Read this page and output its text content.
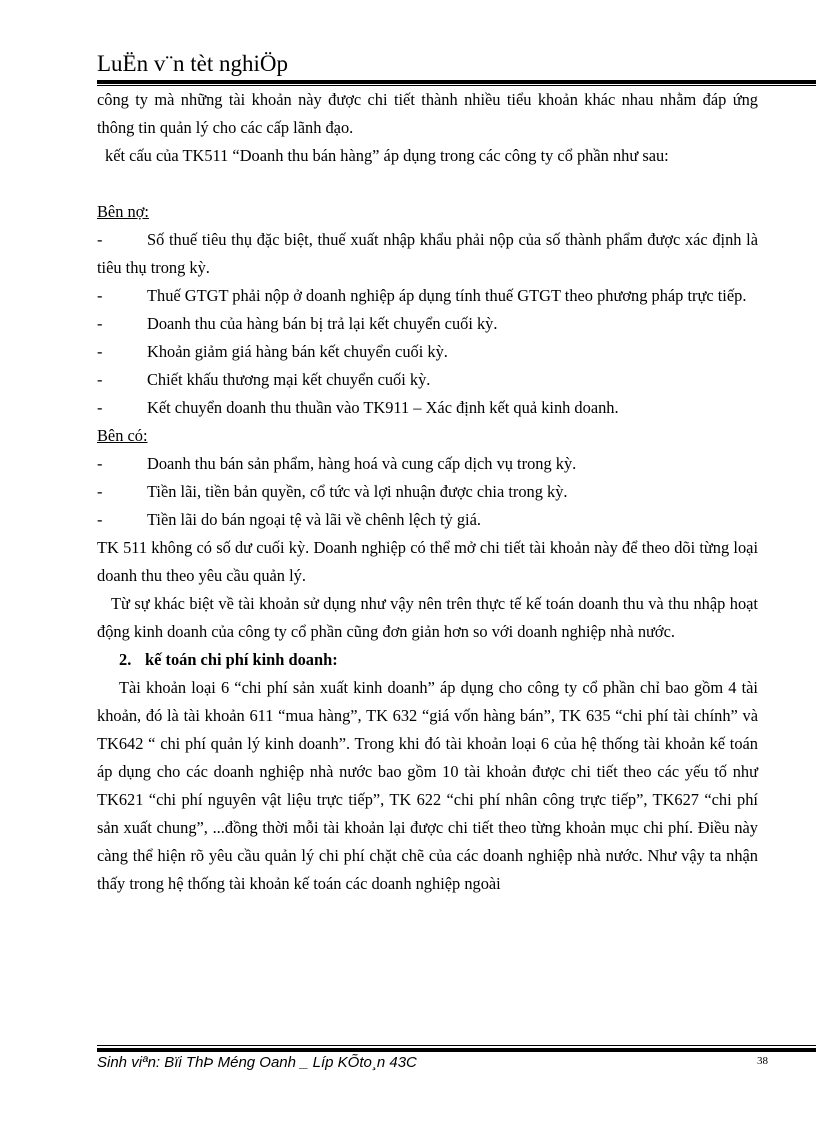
LuËn v¨n tèt nghiÖp

công ty mà những tài khoản này được chi tiết thành nhiều tiểu khoản khác nhau nhằm đáp ứng thông tin quản lý cho các cấp lãnh đạo.

kết cấu của TK511 “Doanh thu bán hàng” áp dụng trong các công ty cổ phần như sau:

Bên nợ:

-	Số thuế tiêu thụ đặc biệt, thuế xuất nhập khẩu phải nộp của số thành phẩm được xác định là tiêu thụ trong kỳ.

-	Thuế GTGT phải nộp ở doanh nghiệp áp dụng tính thuế GTGT theo phương pháp trực tiếp.

-	Doanh thu của hàng bán bị trả lại kết chuyển cuối kỳ.

-	Khoản giảm giá hàng bán kết chuyển cuối kỳ.

-	Chiết khấu thương mại kết chuyển cuối kỳ.

-	Kết chuyển doanh thu thuần vào TK911 – Xác định kết quả kinh doanh.

Bên có:

-	Doanh thu bán sản phẩm, hàng hoá và cung cấp dịch vụ trong kỳ.

-	Tiền lãi, tiền bản quyền, cổ tức và lợi nhuận được chia trong kỳ.

-	Tiền lãi do bán ngoại tệ và lãi về chênh lệch tỷ giá.

TK 511 không có số dư cuối kỳ. Doanh nghiệp có thể mở chi tiết tài khoản này để theo dõi từng loại doanh thu theo yêu cầu quản lý.

Từ sự khác biệt về tài khoản sử dụng như vậy nên trên thực tế kế toán doanh thu và thu nhập hoạt động kinh doanh của công ty cổ phần cũng đơn giản hơn so với doanh nghiệp nhà nước.

2. kế toán chi phí kinh doanh:

Tài khoản loại 6 “chi phí sản xuất kinh doanh” áp dụng cho công ty cổ phần chỉ bao gồm 4 tài khoản, đó là tài khoản 611 “mua hàng”, TK 632 “giá vốn hàng bán”, TK 635 “chi phí tài chính” và TK642 “ chi phí quản lý kinh doanh”. Trong khi đó tài khoản loại 6 của hệ thống tài khoản kế toán áp dụng cho các doanh nghiệp nhà nước bao gồm 10 tài khoản được chi tiết theo các yếu tố như TK621 “chi phí nguyên vật liệu trực tiếp”, TK 622 “chi phí nhân công trực tiếp”, TK627 “chi phí sản xuất chung”, ...đồng thời mỗi tài khoản lại được chi tiết theo từng khoản mục chi phí. Điều này càng thể hiện rõ yêu cầu quản lý chi phí chặt chẽ của các doanh nghiệp nhà nước. Như vậy ta nhận thấy trong hệ thống tài khoản kế toán các doanh nghiệp ngoài

Sinh viªn: Bïi ThÞ Méng Oanh _ Líp KÕto¸n 43C	38
